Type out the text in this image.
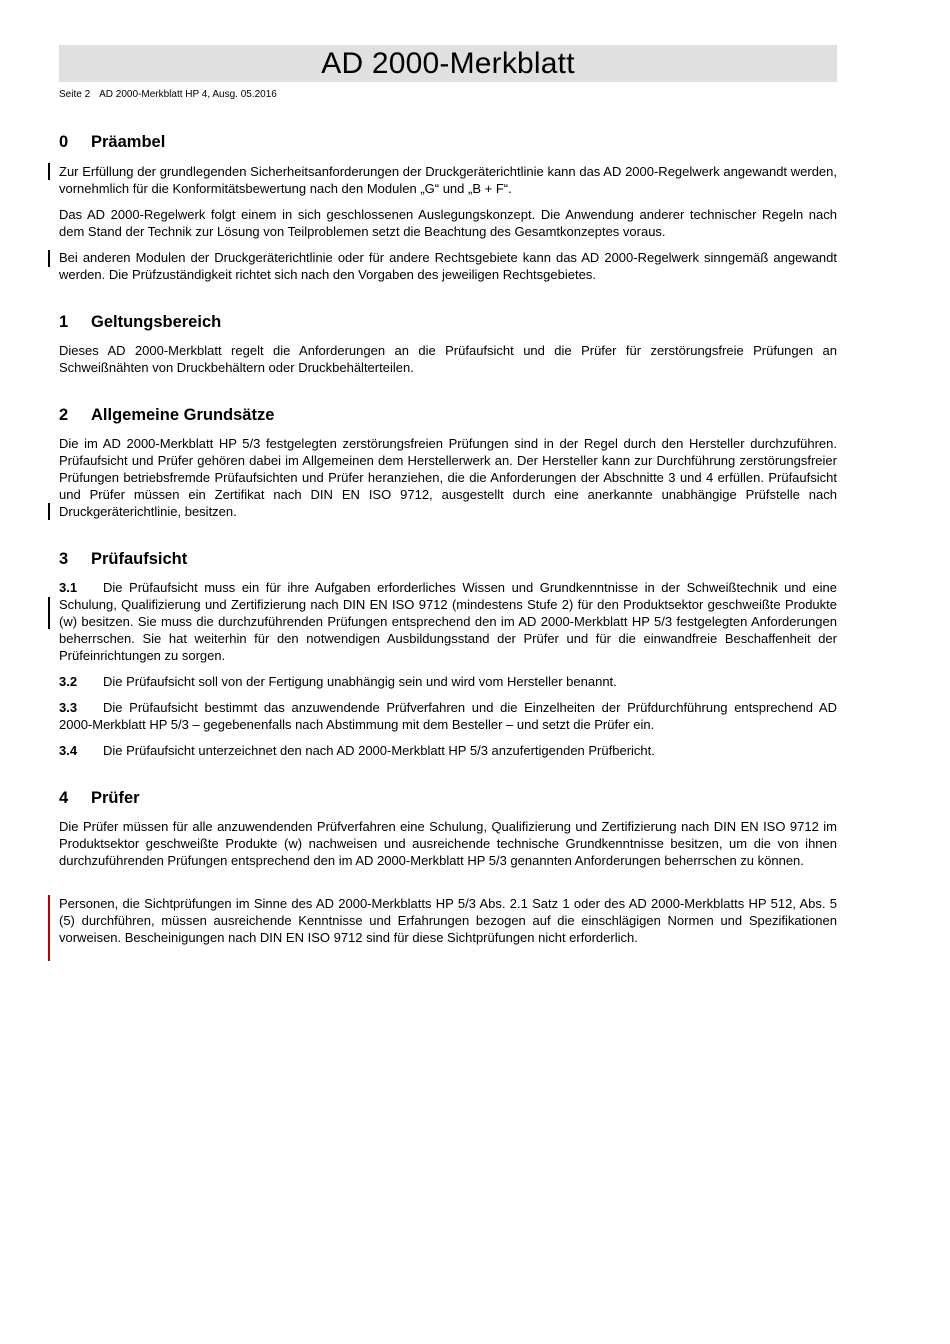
AD 2000-Merkblatt
Seite 2 AD 2000-Merkblatt HP 4, Ausg. 05.2016
0 Präambel

Zur Erfüllung der grundlegenden Sicherheitsanforderungen der Druckgeräterichtlinie kann das AD 2000-Regelwerk angewandt werden, vornehmlich für die Konformitätsbewertung nach den Modulen „G“ und „B + F“.

Das AD 2000-Regelwerk folgt einem in sich geschlossenen Auslegungskonzept. Die Anwendung anderer technischer Regeln nach dem Stand der Technik zur Lösung von Teilproblemen setzt die Beachtung des Gesamtkonzeptes voraus.

Bei anderen Modulen der Druckgeräterichtlinie oder für andere Rechtsgebiete kann das AD 2000-Regelwerk sinngemäß angewandt werden. Die Prüfzuständigkeit richtet sich nach den Vorgaben des jeweiligen Rechtsgebietes.

1 Geltungsbereich

Dieses AD 2000-Merkblatt regelt die Anforderungen an die Prüfaufsicht und die Prüfer für zerstörungsfreie Prüfungen an Schweißnähten von Druckbehältern oder Druckbehälterteilen.

2 Allgemeine Grundsätze

Die im AD 2000-Merkblatt HP 5/3 festgelegten zerstörungsfreien Prüfungen sind in der Regel durch den Hersteller durchzuführen. Prüfaufsicht und Prüfer gehören dabei im Allgemeinen dem Herstellerwerk an. Der Hersteller kann zur Durchführung zerstörungsfreier Prüfungen betriebsfremde Prüfaufsichten und Prüfer heranziehen, die die Anforderungen der Abschnitte 3 und 4 erfüllen. Prüfaufsicht und Prüfer müssen ein Zertifikat nach DIN EN ISO 9712, ausgestellt durch eine anerkannte unabhängige Prüfstelle nach Druckgeräterichtlinie, besitzen.

3 Prüfaufsicht

3.1 Die Prüfaufsicht muss ein für ihre Aufgaben erforderliches Wissen und Grundkenntnisse in der Schweißtechnik und eine Schulung, Qualifizierung und Zertifizierung nach DIN EN ISO 9712 (mindestens Stufe 2) für den Produktsektor geschweißte Produkte (w) besitzen. Sie muss die durchzuführenden Prüfungen entsprechend den im AD 2000-Merkblatt HP 5/3 festgelegten Anforderungen beherrschen. Sie hat weiterhin für den notwendigen Ausbildungsstand der Prüfer und für die einwandfreie Beschaffenheit der Prüfeinrichtungen zu sorgen.

3.2 Die Prüfaufsicht soll von der Fertigung unabhängig sein und wird vom Hersteller benannt.

3.3 Die Prüfaufsicht bestimmt das anzuwendende Prüfverfahren und die Einzelheiten der Prüfdurchführung entsprechend AD 2000-Merkblatt HP 5/3 – gegebenenfalls nach Abstimmung mit dem Besteller – und setzt die Prüfer ein.

3.4 Die Prüfaufsicht unterzeichnet den nach AD 2000-Merkblatt HP 5/3 anzufertigenden Prüfbericht.

4 Prüfer

Die Prüfer müssen für alle anzuwendenden Prüfverfahren eine Schulung, Qualifizierung und Zertifizierung nach DIN EN ISO 9712 im Produktsektor geschweißte Produkte (w) nachweisen und ausreichende technische Grundkenntnisse besitzen, um die von ihnen durchzuführenden Prüfungen entsprechend den im AD 2000-Merkblatt HP 5/3 genannten Anforderungen beherrschen zu können.

Personen, die Sichtprüfungen im Sinne des AD 2000-Merkblatts HP 5/3 Abs. 2.1 Satz 1 oder des AD 2000-Merkblatts HP 512, Abs. 5 (5) durchführen, müssen ausreichende Kenntnisse und Erfahrungen bezogen auf die einschlägigen Normen und Spezifikationen vorweisen. Bescheinigungen nach DIN EN ISO 9712 sind für diese Sichtprüfungen nicht erforderlich.
